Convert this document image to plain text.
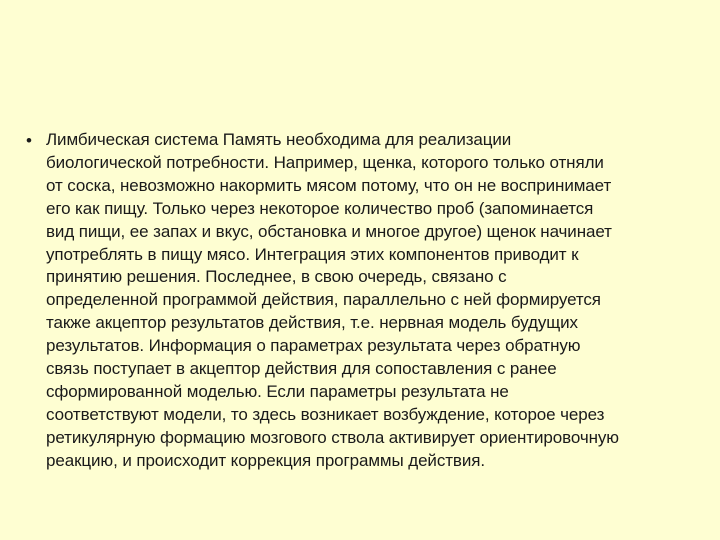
• Лимбическая система Память необходима для реализации
биологической потребности. Например, щенка, которого только отняли
от соска, невозможно накормить мясом потому, что он не воспринимает
его как пищу. Только через некоторое количество проб (запоминается
вид пищи, ее запах и вкус, обстановка и многое другое) щенок начинает
употреблять в пищу мясо. Интеграция этих компонентов приводит к
принятию решения. Последнее, в свою очередь, связано с
определенной программой действия, параллельно с ней формируется
также акцептор результатов действия, т.е. нервная модель будущих
результатов. Информация о параметрах результата через обратную
связь поступает в акцептор действия для сопоставления с ранее
сформированной моделью. Если параметры результата не
соответствуют модели, то здесь возникает возбуждение, которое через
ретикулярную формацию мозгового ствола активирует ориентировочную
реакцию, и происходит коррекция программы действия.
